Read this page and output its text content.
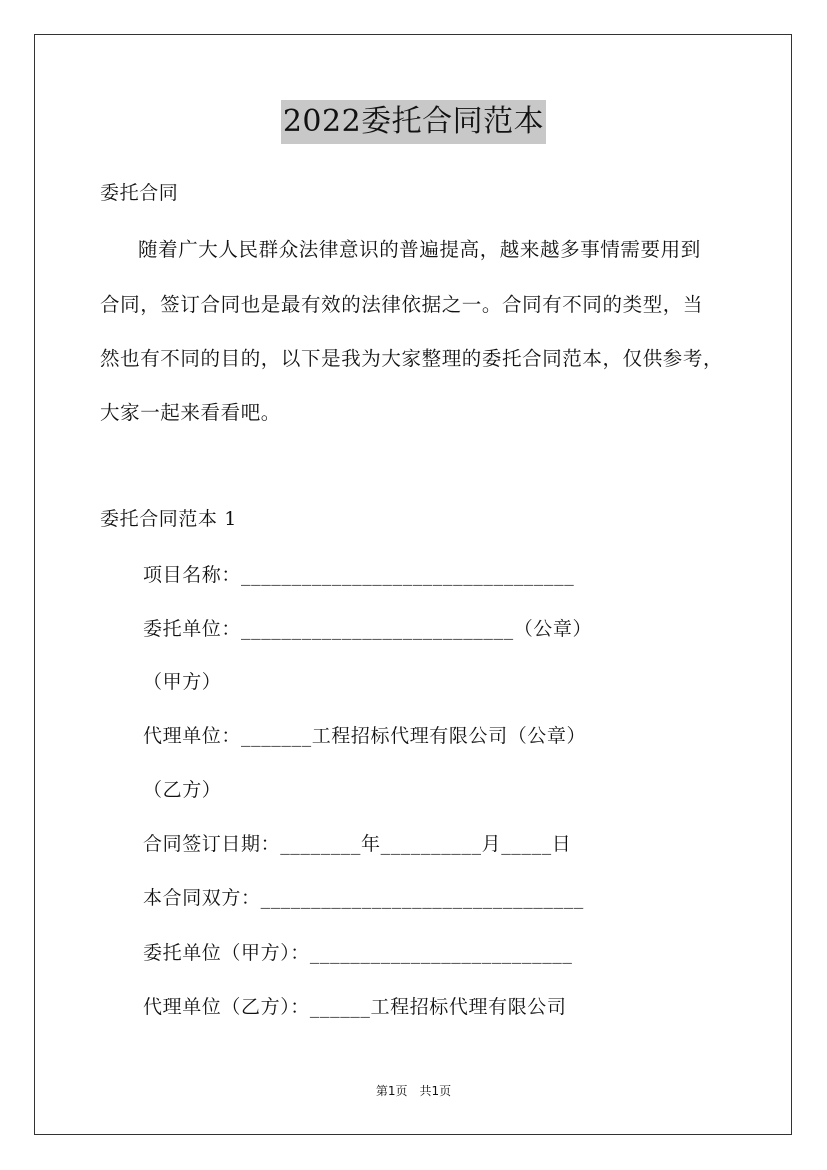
2022委托合同范本
委托合同
随着广大人民群众法律意识的普遍提高，越来越多事情需要用到
合同，签订合同也是最有效的法律依据之一。合同有不同的类型，当
然也有不同的目的，以下是我为大家整理的委托合同范本，仅供参考，
大家一起来看看吧。
委托合同范本 1
项目名称：_________________________________
委托单位：___________________________（公章）
（甲方）
代理单位：_______工程招标代理有限公司（公章）
（乙方）
合同签订日期：________年__________月_____日
本合同双方：________________________________
委托单位（甲方）：__________________________
代理单位（乙方）：______工程招标代理有限公司
第1页 共1页
